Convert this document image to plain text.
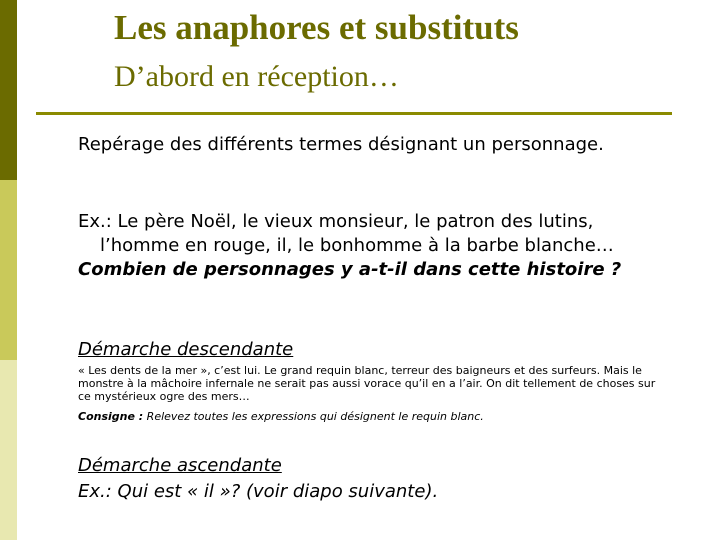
Les anaphores et substituts
D’abord en réception…
Repérage des différents termes désignant un personnage.
Ex.: Le père Noël, le vieux monsieur, le patron des lutins,
l’homme en rouge, il, le bonhomme à la barbe blanche…
Combien de personnages y a-t-il dans cette histoire ?
Démarche descendante
« Les dents de la mer », c’est lui. Le grand requin blanc, terreur des baigneurs et des surfeurs. Mais le
monstre à la mâchoire infernale ne serait pas aussi vorace qu’il en a l’air. On dit tellement de choses sur
ce mystérieux ogre des mers…
Consigne : Relevez toutes les expressions qui désignent le requin blanc.
Démarche ascendante
Ex.: Qui est « il »? (voir diapo suivante).
